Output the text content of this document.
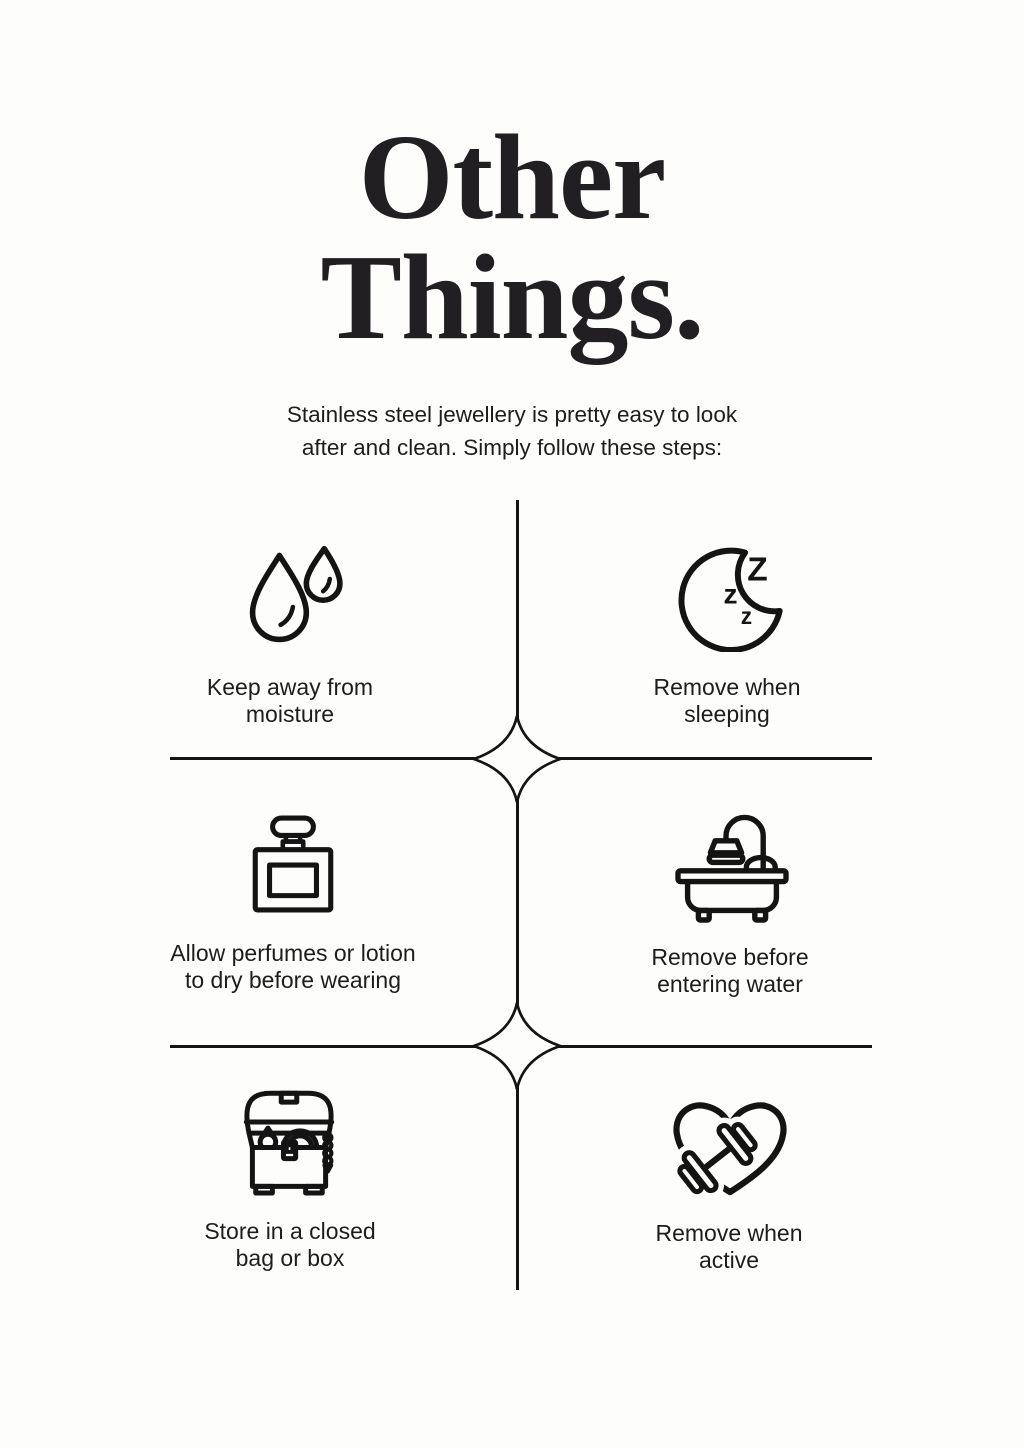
Other
Things.

Stainless steel jewellery is pretty easy to look
after and clean. Simply follow these steps:

Keep away from
moisture
Z
z
z
Remove when
sleeping
Allow perfumes or lotion
to dry before wearing
Remove before
entering water
Store in a closed
bag or box
Remove when
active
